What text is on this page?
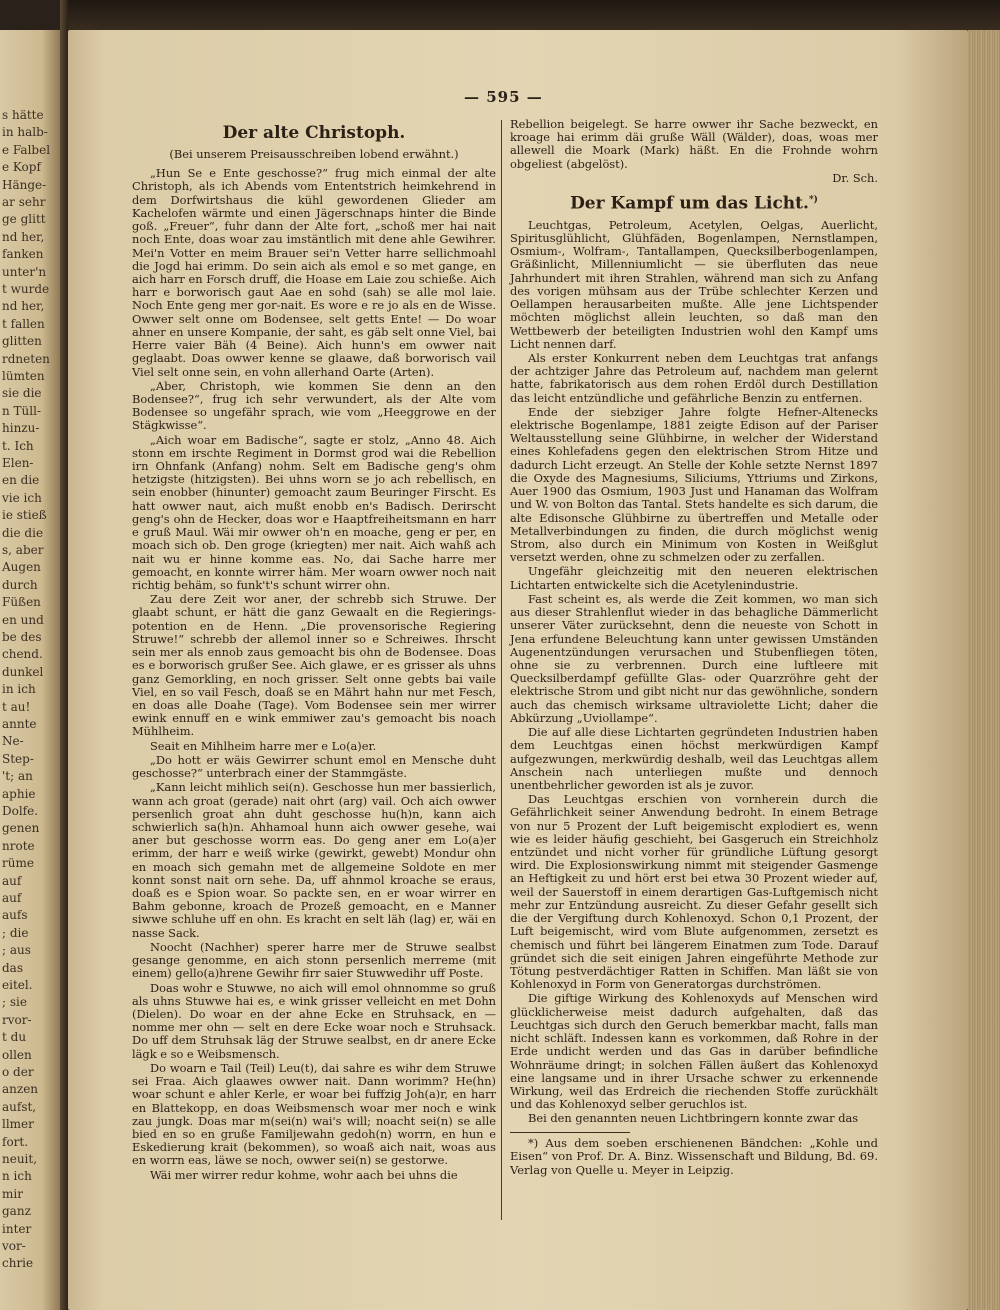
s hätte
in halb-
e Falbel
e Kopf
Hänge-
ar sehr
ge glitt
nd her,
fanken
unter'n
t wurde
nd her,
t fallen
glitten
rdneten
lümten
sie die
n Tüll-
hinzu-
t. Ich
Elen-
en die
vie ich
ie stieß
die die
s, aber
Augen
durch
Füßen
en und
be des
chend.
dunkel
in ich
t au!
annte
Ne-
Step-
't; an
aphie
Dolfe.
genen
nrote
rüme
auf
auf
aufs
; die
; aus
das
eitel.
; sie
rvor-
t du
ollen
o der
anzen
aufst,
llmer
fort.
neuit,
n ich
mir
ganz
inter
vor-
chrie
— 595 —
Der alte Christoph.
(Bei unserem Preisausschreiben lobend erwähnt.)

„Hun Se e Ente geschosse?“ frug mich einmal der alte Christoph, als ich Abends vom Ententstrich heimkehrend in dem Dorfwirtshaus die kühl gewordenen Glieder am Kachelofen wärmte und einen Jägerschnaps hinter die Binde goß. „Freuer“, fuhr dann der Alte fort, „schoß mer hai nait noch Ente, doas woar zau imstäntlich mit dene ahle Gewihrer. Mei'n Votter en meim Brauer sei'n Vetter harre sellichmoahl die Jogd hai erimm. Do sein aich als emol e so met gange, en aich harr en Forsch druff, die Hoase em Laie zou schieße. Aich harr e borworisch gaut Aae en sohd (sah) se alle mol laie. Noch Ente geng mer gor-nait. Es wore e re jo als en de Wisse. Owwer selt onne om Bodensee, selt getts Ente! — Do woar ahner en unsere Kompanie, der saht, es gäb selt onne Viel, bai Herre vaier Bäh (4 Beine). Aich hunn's em owwer nait geglaabt. Doas owwer kenne se glaawe, daß borworisch vail Viel selt onne sein, en vohn allerhand Oarte (Arten).

„Aber, Christoph, wie kommen Sie denn an den Bodensee?“, frug ich sehr verwundert, als der Alte vom Bodensee so ungefähr sprach, wie vom „Heeggrowe en der Stägkwisse“.

„Aich woar em Badische“, sagte er stolz, „Anno 48. Aich stonn em irschte Regiment in Dormst grod wai die Rebellion irn Ohnfank (Anfang) nohm. Selt em Badische geng's ohm hetzigste (hitzigsten). Bei uhns worn se jo ach rebellisch, en sein enobber (hinunter) gemoacht zaum Beuringer Firscht. Es hatt owwer naut, aich mußt enobb en's Badisch. Derirscht geng's ohn de Hecker, doas wor e Haaptfreiheitsmann en harr e gruß Maul. Wäi mir owwer oh'n en moache, geng er per, en moach sich ob. Den groge (kriegten) mer nait. Aich wahß ach nait wu er hinne komme eas. No, dai Sache harre mer gemoacht, en konnte wirrer häm. Mer woarn owwer noch nait richtig behäm, so funk't's schunt wirrer ohn.

Zau dere Zeit wor aner, der schrebb sich Struwe. Der glaabt schunt, er hätt die ganz Gewaalt en die Regierings-potention en de Henn. „Die provensorische Regiering Struwe!“ schrebb der allemol inner so e Schreiwes. Ihrscht sein mer als ennob zaus gemoacht bis ohn de Bodensee. Doas es e borworisch grußer See. Aich glawe, er es grisser als uhns ganz Gemorkling, en noch grisser. Selt onne gebts bai vaile Viel, en so vail Fesch, doaß se en Mährt hahn nur met Fesch, en doas alle Doahe (Tage). Vom Bodensee sein mer wirrer ewink ennuff en e wink emmiwer zau's gemoacht bis noach Mühlheim.

Seait en Mihlheim harre mer e Lo(a)er.

„Do hott er wäis Gewirrer schunt emol en Mensche duht geschosse?“ unterbrach einer der Stammgäste.

„Kann leicht mihlich sei(n). Geschosse hun mer bassierlich, wann ach groat (gerade) nait ohrt (arg) vail. Och aich owwer persenlich groat ahn duht geschosse hu(h)n, kann aich schwierlich sa(h)n. Ahhamoal hunn aich owwer gesehe, wai aner but geschosse worrn eas. Do geng aner em Lo(a)er erimm, der harr e weiß wirke (gewirkt, gewebt) Mondur ohn en moach sich gemahn met de allgemeine Soldote en mer konnt sonst nait orn sehe. Da, uff ahnmol kroache se eraus, doaß es e Spion woar. So packte sen, en er woar wirrer en Bahm gebonne, kroach de Prozeß gemoacht, en e Manner siwwe schluhe uff en ohn. Es kracht en selt läh (lag) er, wäi en nasse Sack.

Noocht (Nachher) sperer harre mer de Struwe sealbst gesange genomme, en aich stonn persenlich merreme (mit einem) gello(a)hrene Gewihr firr saier Stuwwedihr uff Poste.

Doas wohr e Stuwwe, no aich will emol ohnnomme so gruß als uhns Stuwwe hai es, e wink grisser velleicht en met Dohn (Dielen). Do woar en der ahne Ecke en Struhsack, en — nomme mer ohn — selt en dere Ecke woar noch e Struhsack. Do uff dem Struhsak läg der Struwe sealbst, en dr anere Ecke lägk e so e Weibsmensch.

Do woarn e Tail (Teil) Leu(t), dai sahre es wihr dem Struwe sei Fraa. Aich glaawes owwer nait. Dann worimm? He(hn) woar schunt e ahler Kerle, er woar bei fuffzig Joh(a)r, en harr en Blattekopp, en doas Weibsmensch woar mer noch e wink zau jungk. Doas mar m(sei(n) wai's will; noacht sei(n) se alle bied en so en gruße Familjewahn gedoh(n) worrn, en hun e Eskedierung krait (bekommen), so woaß aich nait, woas aus en worrn eas, läwe se noch, owwer sei(n) se gestorwe.

Wäi mer wirrer redur kohme, wohr aach bei uhns die

Rebellion beigelegt. Se harre owwer ihr Sache bezweckt, en kroage hai erimm däi gruße Wäll (Wälder), doas, woas mer allewell die Moark (Mark) häßt. En die Frohnde wohrn obgeliest (abgelöst).

Dr. Sch.
Der Kampf um das Licht.*)

Leuchtgas, Petroleum, Acetylen, Oelgas, Auerlicht, Spiritusglühlicht, Glühfäden, Bogenlampen, Nernstlampen, Osmium-, Wolfram-, Tantallampen, Quecksilberbogenlampen, Gräßinlicht, Millenniumlicht — sie überfluten das neue Jahrhundert mit ihren Strahlen, während man sich zu Anfang des vorigen mühsam aus der Trübe schlechter Kerzen und Oellampen herausarbeiten mußte. Alle jene Lichtspender möchten möglichst allein leuchten, so daß man den Wettbewerb der beteiligten Industrien wohl den Kampf ums Licht nennen darf.

Als erster Konkurrent neben dem Leuchtgas trat anfangs der achtziger Jahre das Petroleum auf, nachdem man gelernt hatte, fabrikatorisch aus dem rohen Erdöl durch Destillation das leicht entzündliche und gefährliche Benzin zu entfernen.

Ende der siebziger Jahre folgte Hefner-Altenecks elektrische Bogenlampe, 1881 zeigte Edison auf der Pariser Weltausstellung seine Glühbirne, in welcher der Widerstand eines Kohlefadens gegen den elektrischen Strom Hitze und dadurch Licht erzeugt. An Stelle der Kohle setzte Nernst 1897 die Oxyde des Magnesiums, Siliciums, Yttriums und Zirkons, Auer 1900 das Osmium, 1903 Just und Hanaman das Wolfram und W. von Bolton das Tantal. Stets handelte es sich darum, die alte Edisonsche Glühbirne zu übertreffen und Metalle oder Metallverbindungen zu finden, die durch möglichst wenig Strom, also durch ein Minimum von Kosten in Weißglut versetzt werden, ohne zu schmelzen oder zu zerfallen.

Ungefähr gleichzeitig mit den neueren elektrischen Lichtarten entwickelte sich die Acetylenindustrie.

Fast scheint es, als werde die Zeit kommen, wo man sich aus dieser Strahlenflut wieder in das behagliche Dämmerlicht unserer Väter zurücksehnt, denn die neueste von Schott in Jena erfundene Beleuchtung kann unter gewissen Umständen Augenentzündungen verursachen und Stubenfliegen töten, ohne sie zu verbrennen. Durch eine luftleere mit Quecksilberdampf gefüllte Glas- oder Quarzröhre geht der elektrische Strom und gibt nicht nur das gewöhnliche, sondern auch das chemisch wirksame ultraviolette Licht; daher die Abkürzung „Uviollampe“.

Die auf alle diese Lichtarten gegründeten Industrien haben dem Leuchtgas einen höchst merkwürdigen Kampf aufgezwungen, merkwürdig deshalb, weil das Leuchtgas allem Anschein nach unterliegen mußte und dennoch unentbehrlicher geworden ist als je zuvor.

Das Leuchtgas erschien von vornherein durch die Gefährlichkeit seiner Anwendung bedroht. In einem Betrage von nur 5 Prozent der Luft beigemischt explodiert es, wenn wie es leider häufig geschieht, bei Gasgeruch ein Streichholz entzündet und nicht vorher für gründliche Lüftung gesorgt wird. Die Explosionswirkung nimmt mit steigender Gasmenge an Heftigkeit zu und hört erst bei etwa 30 Prozent wieder auf, weil der Sauerstoff in einem derartigen Gas-Luftgemisch nicht mehr zur Entzündung ausreicht. Zu dieser Gefahr gesellt sich die der Vergiftung durch Kohlenoxyd. Schon 0,1 Prozent, der Luft beigemischt, wird vom Blute aufgenommen, zersetzt es chemisch und führt bei längerem Einatmen zum Tode. Darauf gründet sich die seit einigen Jahren eingeführte Methode zur Tötung pestverdächtiger Ratten in Schiffen. Man läßt sie von Kohlenoxyd in Form von Generatorgas durchströmen.

Die giftige Wirkung des Kohlenoxyds auf Menschen wird glücklicherweise meist dadurch aufgehalten, daß das Leuchtgas sich durch den Geruch bemerkbar macht, falls man nicht schläft. Indessen kann es vorkommen, daß Rohre in der Erde undicht werden und das Gas in darüber befindliche Wohnräume dringt; in solchen Fällen äußert das Kohlenoxyd eine langsame und in ihrer Ursache schwer zu erkennende Wirkung, weil das Erdreich die riechenden Stoffe zurückhält und das Kohlenoxyd selber geruchlos ist.

Bei den genannten neuen Lichtbringern konnte zwar das

*) Aus dem soeben erschienenen Bändchen: „Kohle und Eisen“ von Prof. Dr. A. Binz. Wissenschaft und Bildung, Bd. 69. Verlag von Quelle u. Meyer in Leipzig.
